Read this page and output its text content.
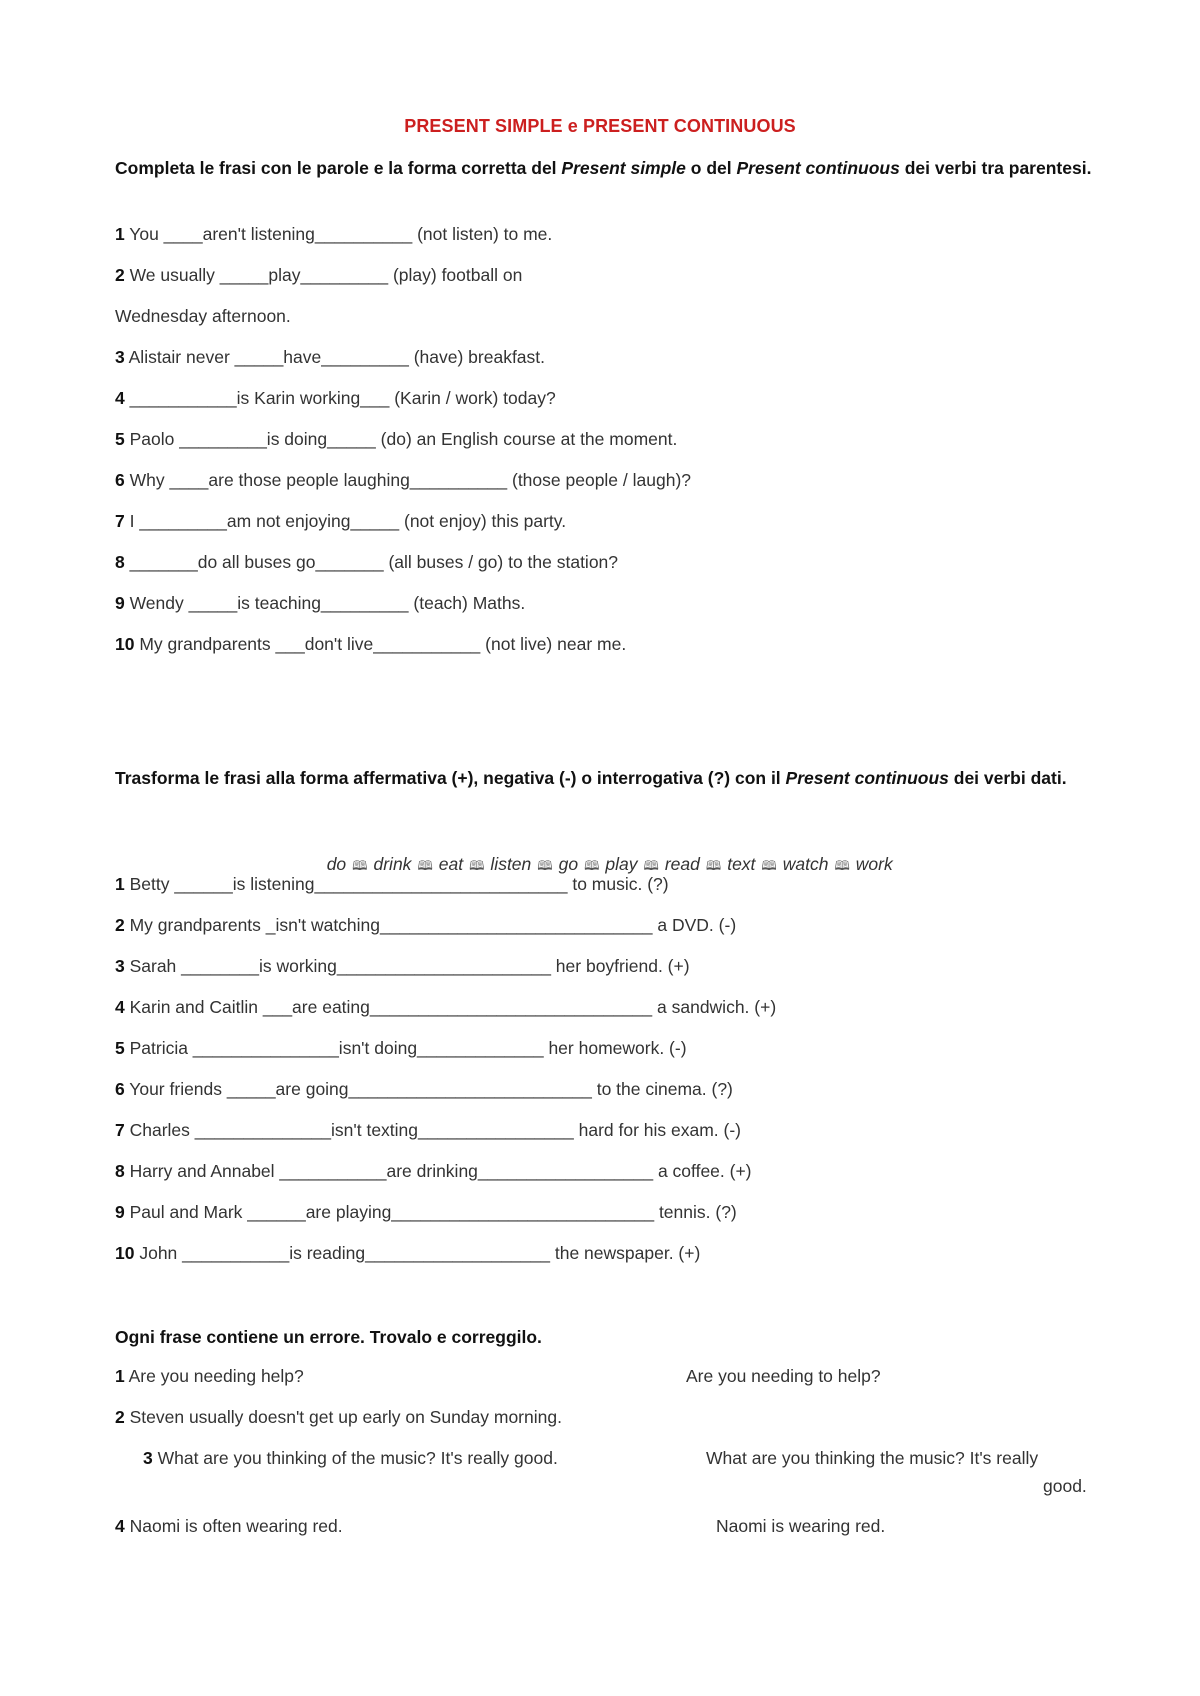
PRESENT SIMPLE e PRESENT CONTINUOUS
Completa le frasi con le parole e la forma corretta del Present simple o del Present continuous dei verbi tra parentesi.
1 You ____aren't listening__________ (not listen) to me.
2 We usually _____play_________ (play) football on
Wednesday afternoon.
3 Alistair never _____have_________ (have) breakfast.
4 ___________is Karin working___ (Karin / work) today?
5 Paolo _________is doing_____ (do) an English course at the moment.
6 Why ____are those people laughing__________ (those people / laugh)?
7 I _________am not enjoying_____ (not enjoy) this party.
8 _______do all buses go_______ (all buses / go) to the station?
9 Wendy _____is teaching_________ (teach) Maths.
10 My grandparents ___don't live___________ (not live) near me.
Trasforma le frasi alla forma affermativa (+), negativa (-) o interrogativa (?) con il Present continuous dei verbi dati.

do 🕮 drink 🕮 eat 🕮 listen 🕮 go 🕮 play 🕮 read 🕮 text 🕮 watch 🕮 work

1 Betty ______is listening__________________________ to music. (?)
2 My grandparents _isn't watching____________________________ a DVD. (-)
3 Sarah ________is working______________________ her boyfriend. (+)
4 Karin and Caitlin ___are eating_____________________________ a sandwich. (+)
5 Patricia _______________isn't doing_____________ her homework. (-)
6 Your friends _____are going_________________________ to the cinema. (?)
7 Charles ______________isn't texting________________ hard for his exam. (-)
8 Harry and Annabel ___________are drinking__________________ a coffee. (+)
9 Paul and Mark ______are playing___________________________ tennis. (?)
10 John ___________is reading___________________ the newspaper. (+)
Ogni frase contiene un errore. Trovalo e correggilo.
1 Are you needing help?	Are you needing to help?
2 Steven usually doesn't get up early on Sunday morning.
3 What are you thinking of the music? It's really good.	What are you thinking the music? It's really
good.
4 Naomi is often wearing red.	Naomi is wearing red.
